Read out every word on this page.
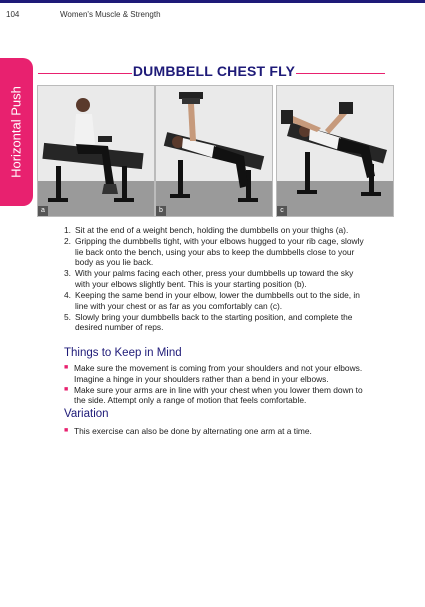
104	Women's Muscle & Strength
Horizontal Push
DUMBBELL CHEST FLY
a	b	c
1. Sit at the end of a weight bench, holding the dumbbells on your thighs (a).
2. Gripping the dumbbells tight, with your elbows hugged to your rib cage, slowly lie back onto the bench, using your abs to keep the dumbbells close to your body as you lie back.
3. With your palms facing each other, press your dumbbells up toward the sky with your elbows slightly bent. This is your starting position (b).
4. Keeping the same bend in your elbow, lower the dumbbells out to the side, in line with your chest or as far as you comfortably can (c).
5. Slowly bring your dumbbells back to the starting position, and complete the desired number of reps.
Things to Keep in Mind
■ Make sure the movement is coming from your shoulders and not your elbows. Imagine a hinge in your shoulders rather than a bend in your elbows.
■ Make sure your arms are in line with your chest when you lower them down to the side. Attempt only a range of motion that feels comfortable.
Variation
■ This exercise can also be done by alternating one arm at a time.
